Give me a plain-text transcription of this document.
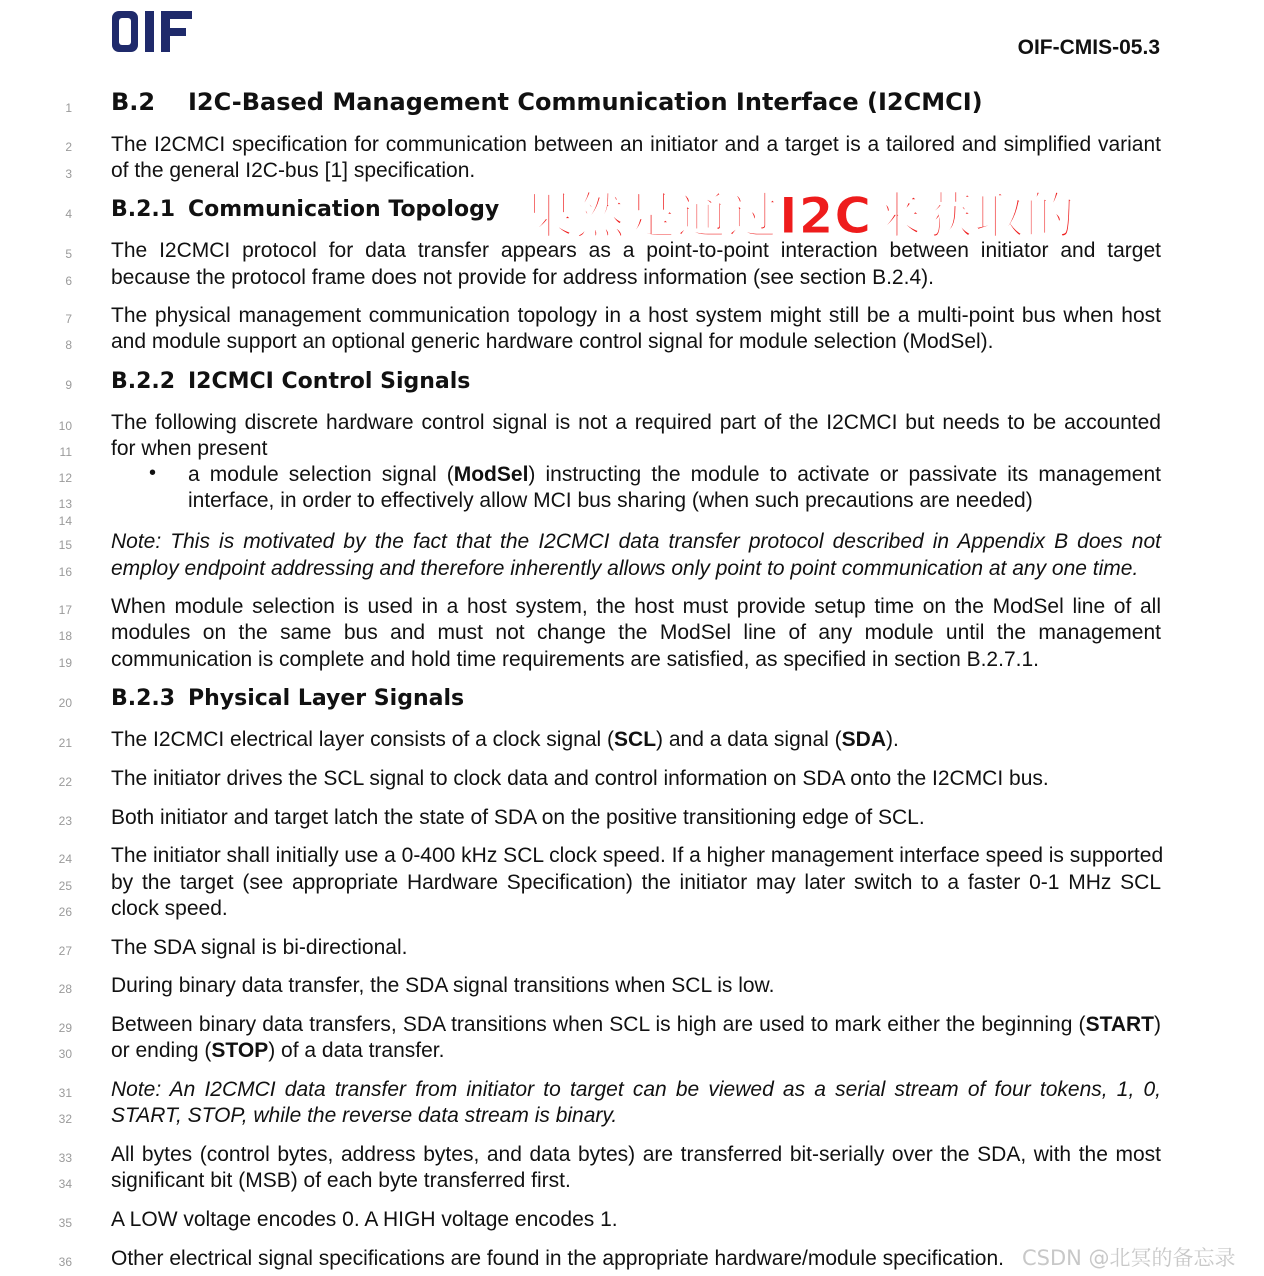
OIF-CMIS-05.3
1
2
3
4
5
6
7
8
9
10
11
12
13
14
15
16
17
18
19
20
21
22
23
24
25
26
27
28
29
30
31
32
33
34
35
36
B.2 I2C-Based Management Communication Interface (I2CMCI)
The I2CMCI specification for communication between an initiator and a target is a tailored and simplified variant
of the general I2C-bus [1] specification.
B.2.1 Communication Topology 果然是通过I2C来获取的
The I2CMCI protocol for data transfer appears as a point-to-point interaction between initiator and target
because the protocol frame does not provide for address information (see section B.2.4).
The physical management communication topology in a host system might still be a multi-point bus when host
and module support an optional generic hardware control signal for module selection (ModSel).
B.2.2 I2CMCI Control Signals
The following discrete hardware control signal is not a required part of the I2CMCI but needs to be accounted
for when present
• a module selection signal (ModSel) instructing the module to activate or passivate its management
interface, in order to effectively allow MCI bus sharing (when such precautions are needed)
Note: This is motivated by the fact that the I2CMCI data transfer protocol described in Appendix B does not
employ endpoint addressing and therefore inherently allows only point to point communication at any one time.
When module selection is used in a host system, the host must provide setup time on the ModSel line of all
modules on the same bus and must not change the ModSel line of any module until the management
communication is complete and hold time requirements are satisfied, as specified in section B.2.7.1.
B.2.3 Physical Layer Signals
The I2CMCI electrical layer consists of a clock signal (SCL) and a data signal (SDA).
The initiator drives the SCL signal to clock data and control information on SDA onto the I2CMCI bus.
Both initiator and target latch the state of SDA on the positive transitioning edge of SCL.
The initiator shall initially use a 0-400 kHz SCL clock speed. If a higher management interface speed is supported
by the target (see appropriate Hardware Specification) the initiator may later switch to a faster 0-1 MHz SCL
clock speed.
The SDA signal is bi-directional.
During binary data transfer, the SDA signal transitions when SCL is low.
Between binary data transfers, SDA transitions when SCL is high are used to mark either the beginning (START)
or ending (STOP) of a data transfer.
Note: An I2CMCI data transfer from initiator to target can be viewed as a serial stream of four tokens, 1, 0,
START, STOP, while the reverse data stream is binary.
All bytes (control bytes, address bytes, and data bytes) are transferred bit-serially over the SDA, with the most
significant bit (MSB) of each byte transferred first.
A LOW voltage encodes 0. A HIGH voltage encodes 1.
Other electrical signal specifications are found in the appropriate hardware/module specification. CSDN @北冥的备忘录
